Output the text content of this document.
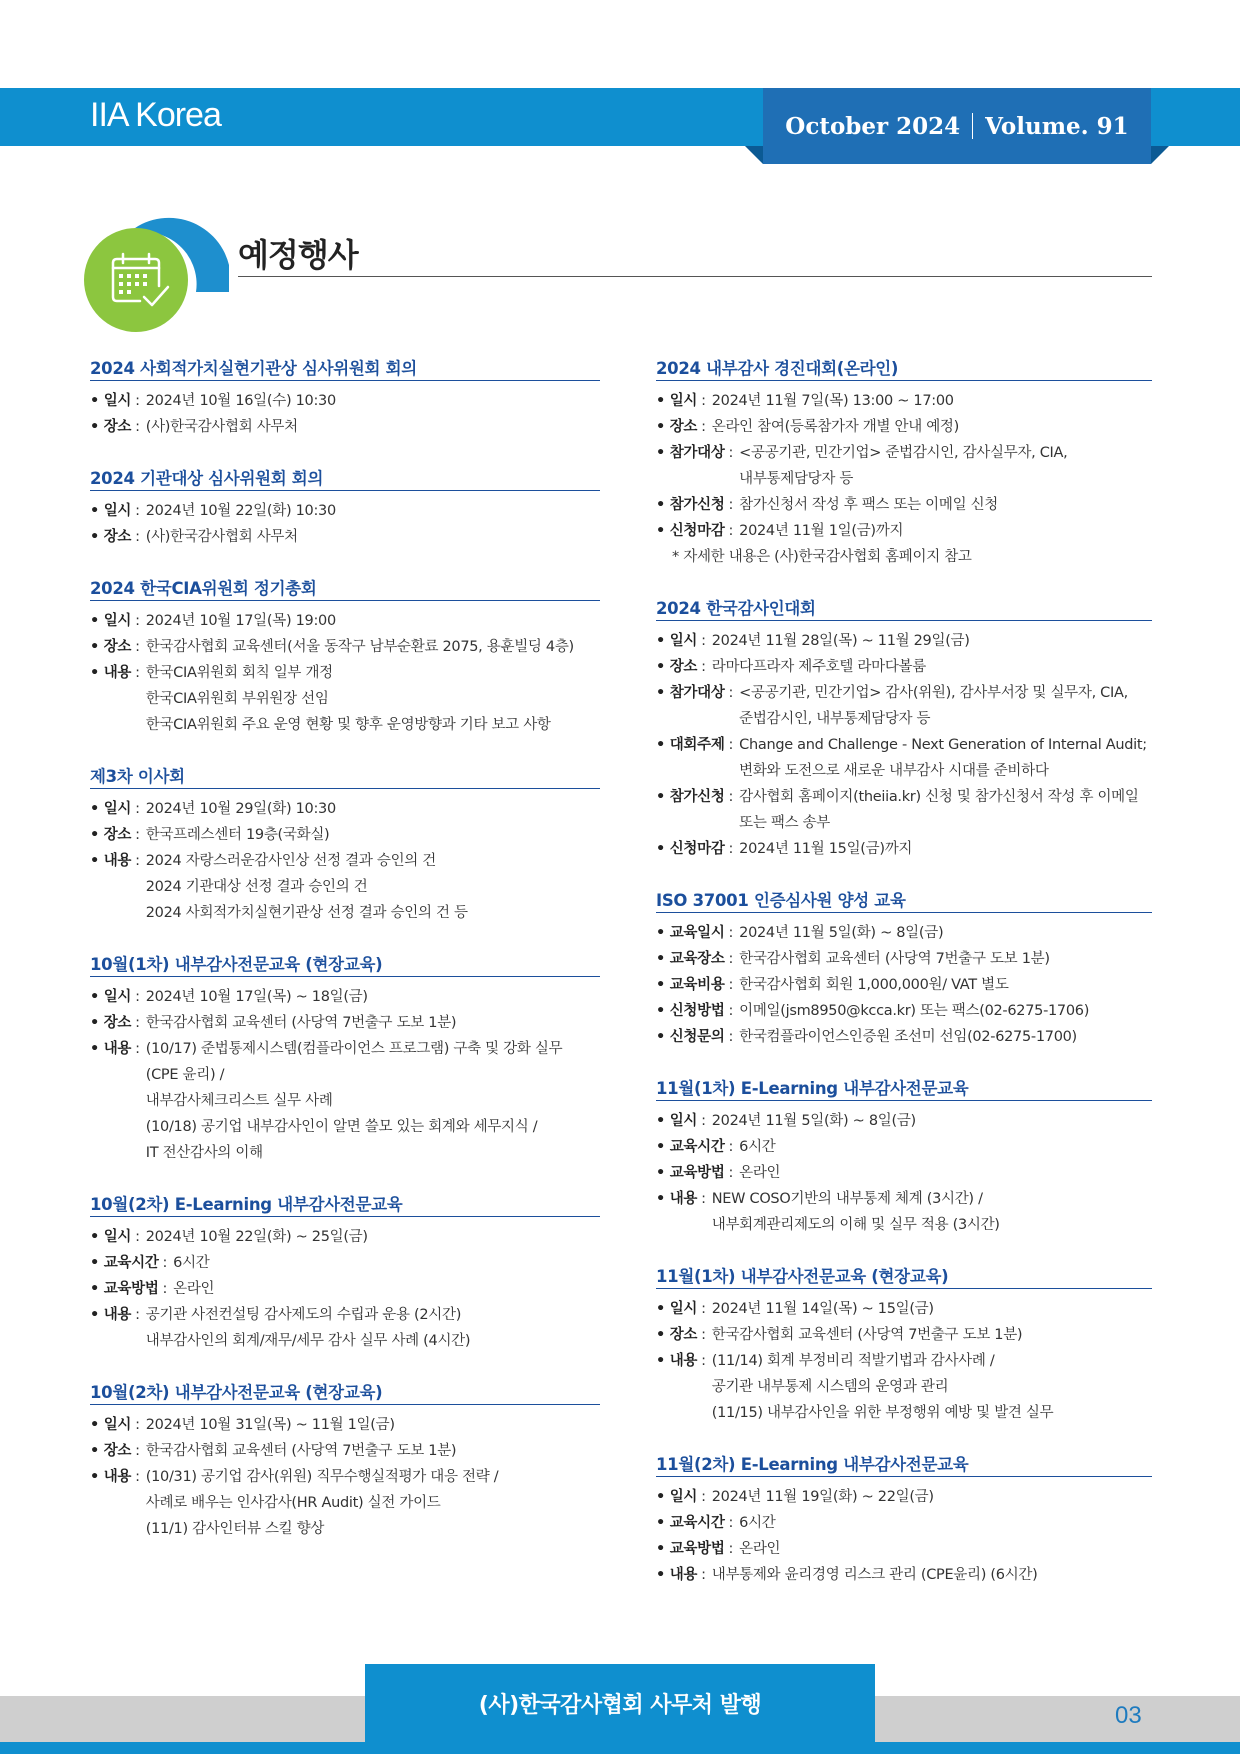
IIA Korea	October 2024 Volume. 91
예정행사
2024 사회적가치실현기관상 심사위원회 회의
• 일시 : 2024년 10월 16일(수) 10:30
• 장소 : (사)한국감사협회 사무처
2024 기관대상 심사위원회 회의
• 일시 : 2024년 10월 22일(화) 10:30
• 장소 : (사)한국감사협회 사무처
2024 한국CIA위원회 정기총회
• 일시 : 2024년 10월 17일(목) 19:00
• 장소 : 한국감사협회 교육센터(서울 동작구 남부순환료 2075, 용훈빌딩 4층)
• 내용 : 한국CIA위원회 회칙 일부 개정
한국CIA위원회 부위원장 선임
한국CIA위원회 주요 운영 현황 및 향후 운영방향과 기타 보고 사항
제3차 이사회
• 일시 : 2024년 10월 29일(화) 10:30
• 장소 : 한국프레스센터 19층(국화실)
• 내용 : 2024 자랑스러운감사인상 선정 결과 승인의 건
2024 기관대상 선정 결과 승인의 건
2024 사회적가치실현기관상 선정 결과 승인의 건 등
10월(1차) 내부감사전문교육 (현장교육)
• 일시 : 2024년 10월 17일(목) ~ 18일(금)
• 장소 : 한국감사협회 교육센터 (사당역 7번출구 도보 1분)
• 내용 : (10/17) 준법통제시스템(컴플라이언스 프로그램) 구축 및 강화 실무
(CPE 윤리) /
내부감사체크리스트 실무 사례
(10/18) 공기업 내부감사인이 알면 쓸모 있는 회계와 세무지식 /
IT 전산감사의 이해
10월(2차) E-Learning 내부감사전문교육
• 일시 : 2024년 10월 22일(화) ~ 25일(금)
• 교육시간 : 6시간
• 교육방법 : 온라인
• 내용 : 공기관 사전컨설팅 감사제도의 수립과 운용 (2시간)
내부감사인의 회계/재무/세무 감사 실무 사례 (4시간)
10월(2차) 내부감사전문교육 (현장교육)
• 일시 : 2024년 10월 31일(목) ~ 11월 1일(금)
• 장소 : 한국감사협회 교육센터 (사당역 7번출구 도보 1분)
• 내용 : (10/31) 공기업 감사(위원) 직무수행실적평가 대응 전략 /
사례로 배우는 인사감사(HR Audit) 실전 가이드
(11/1) 감사인터뷰 스킬 향상
2024 내부감사 경진대회(온라인)
• 일시 : 2024년 11월 7일(목) 13:00 ~ 17:00
• 장소 : 온라인 참여(등록참가자 개별 안내 예정)
• 참가대상 : <공공기관, 민간기업> 준법감시인, 감사실무자, CIA,
내부통제담당자 등
• 참가신청 : 참가신청서 작성 후 팩스 또는 이메일 신청
• 신청마감 : 2024년 11월 1일(금)까지
* 자세한 내용은 (사)한국감사협회 홈페이지 참고
2024 한국감사인대회
• 일시 : 2024년 11월 28일(목) ~ 11월 29일(금)
• 장소 : 라마다프라자 제주호텔 라마다볼룸
• 참가대상 : <공공기관, 민간기업> 감사(위원), 감사부서장 및 실무자, CIA,
준법감시인, 내부통제담당자 등
• 대회주제 : Change and Challenge - Next Generation of Internal Audit;
변화와 도전으로 새로운 내부감사 시대를 준비하다
• 참가신청 : 감사협회 홈페이지(theiia.kr) 신청 및 참가신청서 작성 후 이메일
또는 팩스 송부
• 신청마감 : 2024년 11월 15일(금)까지
ISO 37001 인증심사원 양성 교육
• 교육일시 : 2024년 11월 5일(화) ~ 8일(금)
• 교육장소 : 한국감사협회 교육센터 (사당역 7번출구 도보 1분)
• 교육비용 : 한국감사협회 회원 1,000,000원/ VAT 별도
• 신청방법 : 이메일(jsm8950@kcca.kr) 또는 팩스(02-6275-1706)
• 신청문의 : 한국컴플라이언스인증원 조선미 선임(02-6275-1700)
11월(1차) E-Learning 내부감사전문교육
• 일시 : 2024년 11월 5일(화) ~ 8일(금)
• 교육시간 : 6시간
• 교육방법 : 온라인
• 내용 : NEW COSO기반의 내부통제 체계 (3시간) /
내부회계관리제도의 이해 및 실무 적용 (3시간)
11월(1차) 내부감사전문교육 (현장교육)
• 일시 : 2024년 11월 14일(목) ~ 15일(금)
• 장소 : 한국감사협회 교육센터 (사당역 7번출구 도보 1분)
• 내용 : (11/14) 회계 부정비리 적발기법과 감사사례 /
공기관 내부통제 시스템의 운영과 관리
(11/15) 내부감사인을 위한 부정행위 예방 및 발견 실무
11월(2차) E-Learning 내부감사전문교육
• 일시 : 2024년 11월 19일(화) ~ 22일(금)
• 교육시간 : 6시간
• 교육방법 : 온라인
• 내용 : 내부통제와 윤리경영 리스크 관리 (CPE윤리) (6시간)
(사)한국감사협회 사무처 발행	03
